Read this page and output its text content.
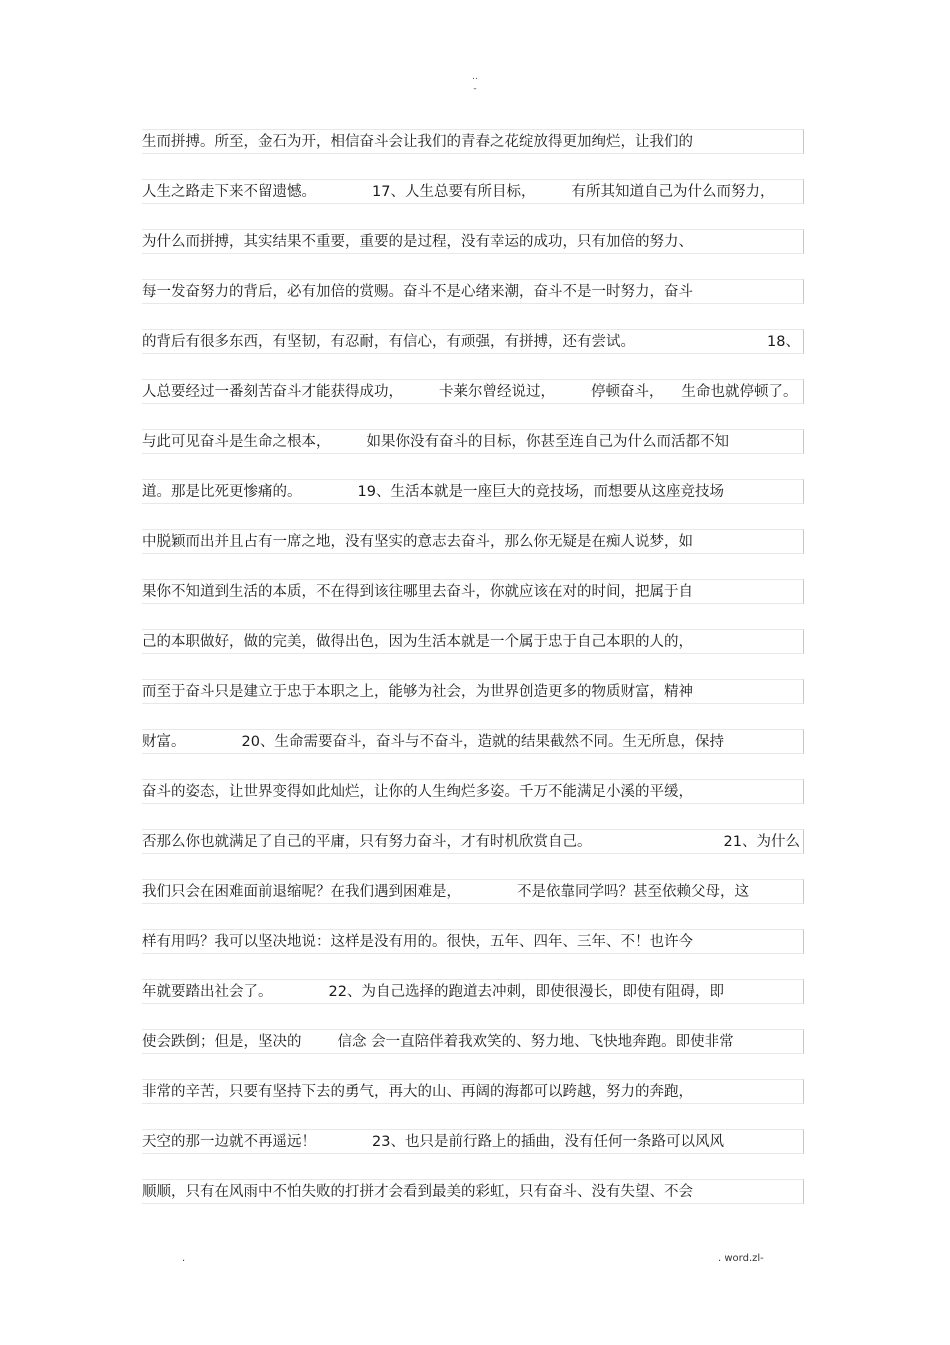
..
-
生而拼搏。所至，金石为开，相信奋斗会让我们的青春之花绽放得更加绚烂，让我们的
人生之路走下来不留遗憾。	17、人生总要有所目标， 有所其知道自己为什么而努力，
为什么而拼搏，其实结果不重要，重要的是过程，没有幸运的成功，只有加倍的努力、
每一发奋努力的背后，必有加倍的赏赐。奋斗不是心绪来潮，奋斗不是一时努力，奋斗
的背后有很多东西，有坚韧，有忍耐，有信心，有顽强，有拼搏，还有尝试。	18、
人总要经过一番刻苦奋斗才能获得成功， 卡莱尔曾经说过， 停顿奋斗， 生命也就停顿了。
与此可见奋斗是生命之根本， 如果你没有奋斗的目标，你甚至连自己为什么而活都不知
道。那是比死更惨痛的。	19、生活本就是一座巨大的竞技场，而想要从这座竞技场
中脱颖而出并且占有一席之地，没有坚实的意志去奋斗，那么你无疑是在痴人说梦，如
果你不知道到生活的本质，不在得到该往哪里去奋斗，你就应该在对的时间，把属于自
己的本职做好，做的完美，做得出色，因为生活本就是一个属于忠于自己本职的人的，
而至于奋斗只是建立于忠于本职之上，能够为社会，为世界创造更多的物质财富，精神
财富。	20、生命需要奋斗，奋斗与不奋斗，造就的结果截然不同。生无所息，保持
奋斗的姿态，让世界变得如此灿烂，让你的人生绚烂多姿。千万不能满足小溪的平缓，
否那么你也就满足了自己的平庸，只有努力奋斗，才有时机欣赏自己。	21、为什么
我们只会在困难面前退缩呢？在我们遇到困难是，	不是依靠同学吗？甚至依赖父母，这
样有用吗？我可以坚决地说：这样是没有用的。很快，五年、四年、三年、不！也许今
年就要踏出社会了。	22、为自己选择的跑道去冲刺，即使很漫长，即使有阻碍，即
使会跌倒；但是，坚决的 信念 会一直陪伴着我欢笑的、努力地、飞快地奔跑。即使非常
非常的辛苦，只要有坚持下去的勇气，再大的山、再阔的海都可以跨越，努力的奔跑，
天空的那一边就不再遥远！	23、也只是前行路上的插曲，没有任何一条路可以风风
顺顺，只有在风雨中不怕失败的打拼才会看到最美的彩虹，只有奋斗、没有失望、不会
.	. word.zl-
